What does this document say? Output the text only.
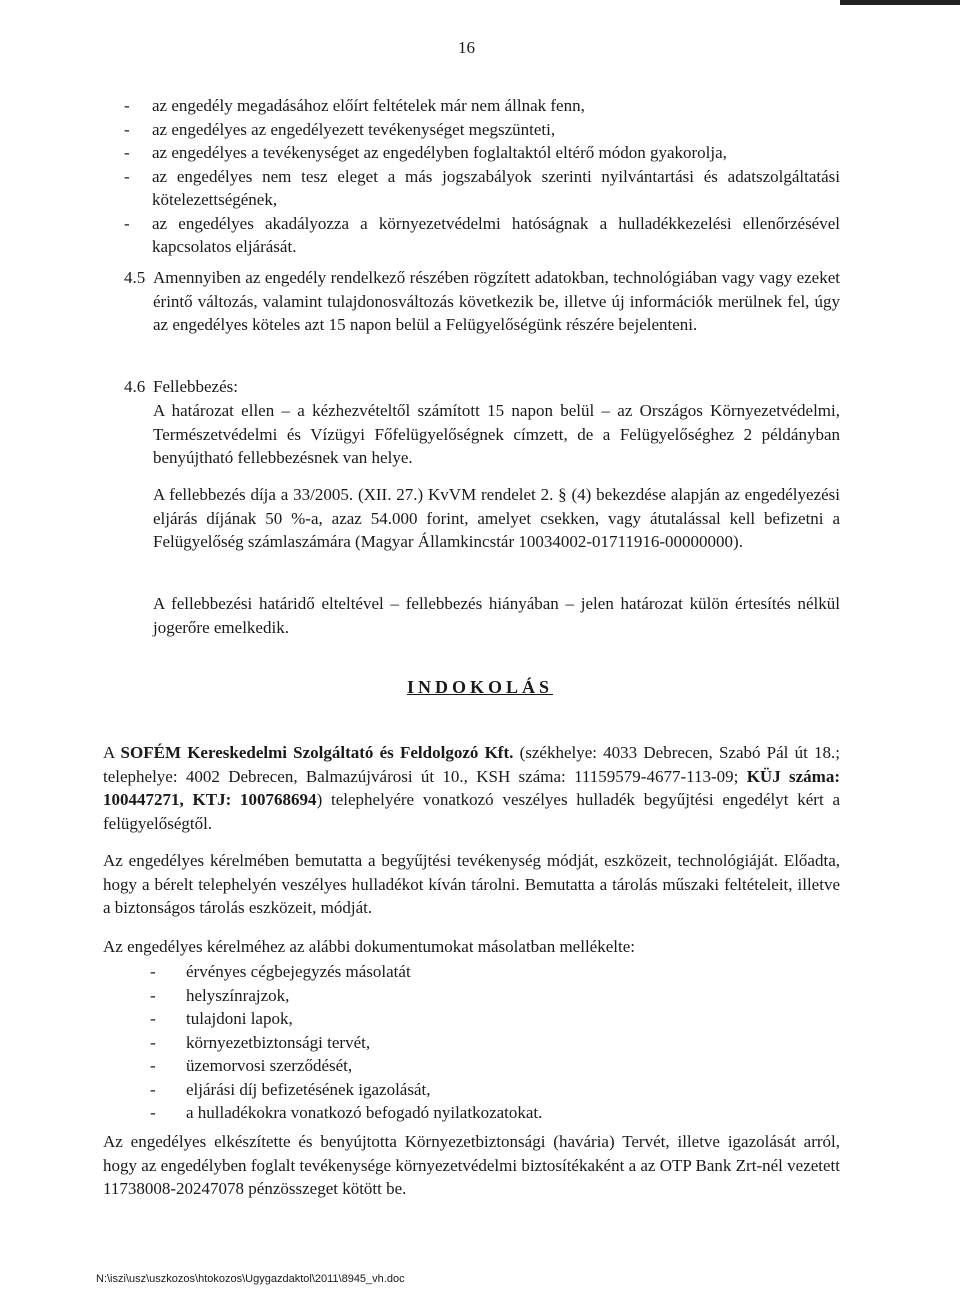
16
- az engedély megadásához előírt feltételek már nem állnak fenn,
- az engedélyes az engedélyezett tevékenységet megszünteti,
- az engedélyes a tevékenységet az engedélyben foglaltaktól eltérő módon gyakorolja,
- az engedélyes nem tesz eleget a más jogszabályok szerinti nyilvántartási és adatszolgáltatási kötelezettségének,
- az engedélyes akadályozza a környezetvédelmi hatóságnak a hulladékkezelési ellenőrzésével kapcsolatos eljárását.
4.5 Amennyiben az engedély rendelkező részében rögzített adatokban, technológiában vagy vagy ezeket érintő változás, valamint tulajdonosváltozás következik be, illetve új információk merülnek fel, úgy az engedélyes köteles azt 15 napon belül a Felügyelőségünk részére bejelenteni.
4.6 Fellebbezés:
A határozat ellen – a kézhezvételtől számított 15 napon belül – az Országos Környezetvédelmi, Természetvédelmi és Vízügyi Főfelügyelőségnek címzett, de a Felügyelőséghez 2 példányban benyújtható fellebbezésnek van helye.
A fellebbezés díja a 33/2005. (XII. 27.) KvVM rendelet 2. § (4) bekezdése alapján az engedélyezési eljárás díjának 50 %-a, azaz 54.000 forint, amelyet csekken, vagy átutalással kell befizetni a Felügyelőség számlaszámára (Magyar Államkincstár 10034002-01711916-00000000).
A fellebbezési határidő elteltével – fellebbezés hiányában – jelen határozat külön értesítés nélkül jogerőre emelkedik.
INDOKOLÁS
A SOFÉM Kereskedelmi Szolgáltató és Feldolgozó Kft. (székhelye: 4033 Debrecen, Szabó Pál út 18.; telephelye: 4002 Debrecen, Balmazújvárosi út 10., KSH száma: 11159579-4677-113-09; KÜJ száma: 100447271, KTJ: 100768694) telephelyére vonatkozó veszélyes hulladék begyűjtési engedélyt kért a felügyelőségtől.
Az engedélyes kérelmében bemutatta a begyűjtési tevékenység módját, eszközeit, technológiáját. Előadta, hogy a bérelt telephelyén veszélyes hulladékot kíván tárolni. Bemutatta a tárolás műszaki feltételeit, illetve a biztonságos tárolás eszközeit, módját.
Az engedélyes kérelméhez az alábbi dokumentumokat másolatban mellékelte:
- érvényes cégbejegyzés másolatát
- helyszínrajzok,
- tulajdoni lapok,
- környezetbiztonsági tervét,
- üzemorvosi szerződését,
- eljárási díj befizetésének igazolását,
- a hulladékokra vonatkozó befogadó nyilatkozatokat.
Az engedélyes elkészítette és benyújtotta Környezetbiztonsági (havária) Tervét, illetve igazolását arról, hogy az engedélyben foglalt tevékenysége környezetvédelmi biztosítékaként a az OTP Bank Zrt-nél vezetett 11738008-20247078 pénzösszeget kötött be.
N:\iszi\usz\uszkozos\htokozos\Ugygazdaktol\2011\8945_vh.doc
